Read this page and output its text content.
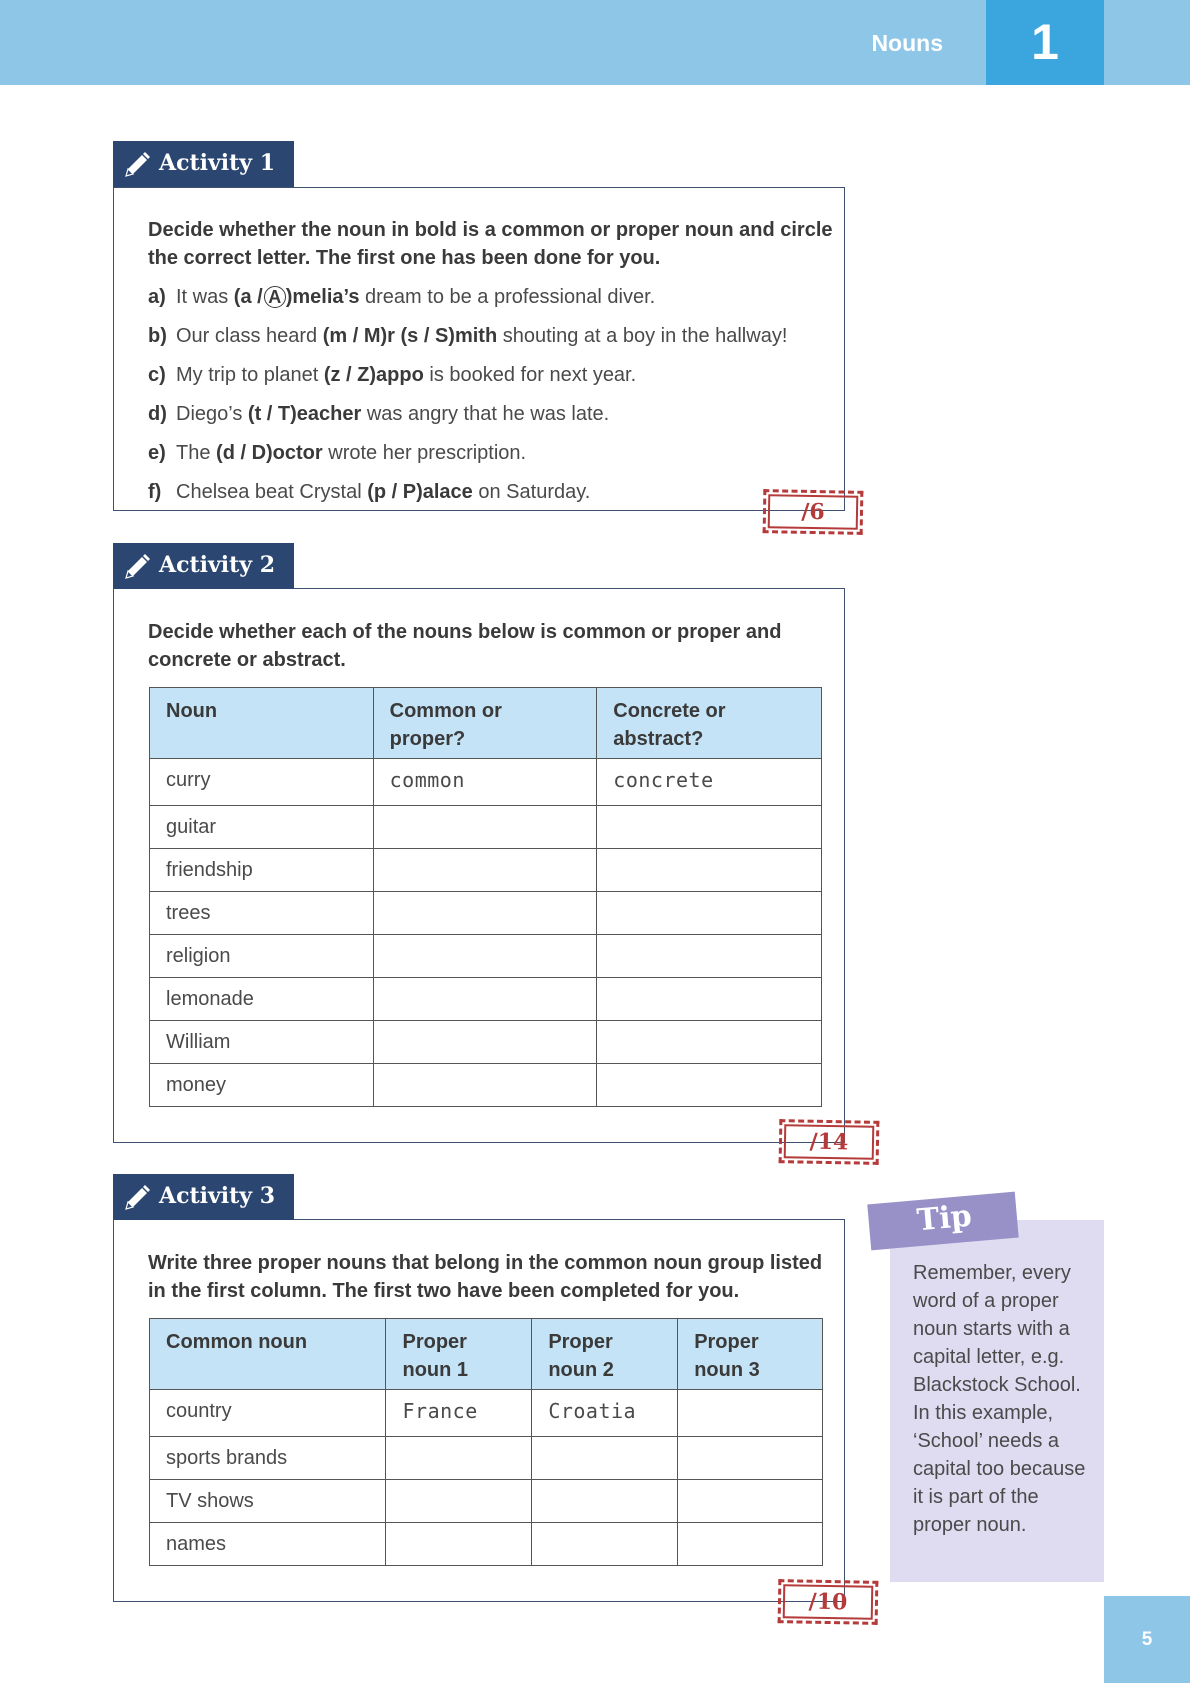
Nouns	1
Activity 1
Decide whether the noun in bold is a common or proper noun and circle the correct letter. The first one has been done for you.
a) It was (a / A )melia’s dream to be a professional diver.
b) Our class heard (m / M)r (s / S)mith shouting at a boy in the hallway!
c) My trip to planet (z / Z)appo is booked for next year.
d) Diego’s (t / T)eacher was angry that he was late.
e) The (d / D)octor wrote her prescription.
f) Chelsea beat Crystal (p / P)alace on Saturday.
/6
Activity 2
Decide whether each of the nouns below is common or proper and concrete or abstract.
Noun	Common or proper?	Concrete or abstract?
curry	common	concrete
guitar		
friendship		
trees		
religion		
lemonade		
William		
money		
/14
Activity 3
Write three proper nouns that belong in the common noun group listed in the first column. The first two have been completed for you.
Common noun	Proper noun 1	Proper noun 2	Proper noun 3
country	France	Croatia	
sports brands			
TV shows			
names			
/10
Tip
Remember, every word of a proper noun starts with a capital letter, e.g. Blackstock School. In this example, ‘School’ needs a capital too because it is part of the proper noun.
5
